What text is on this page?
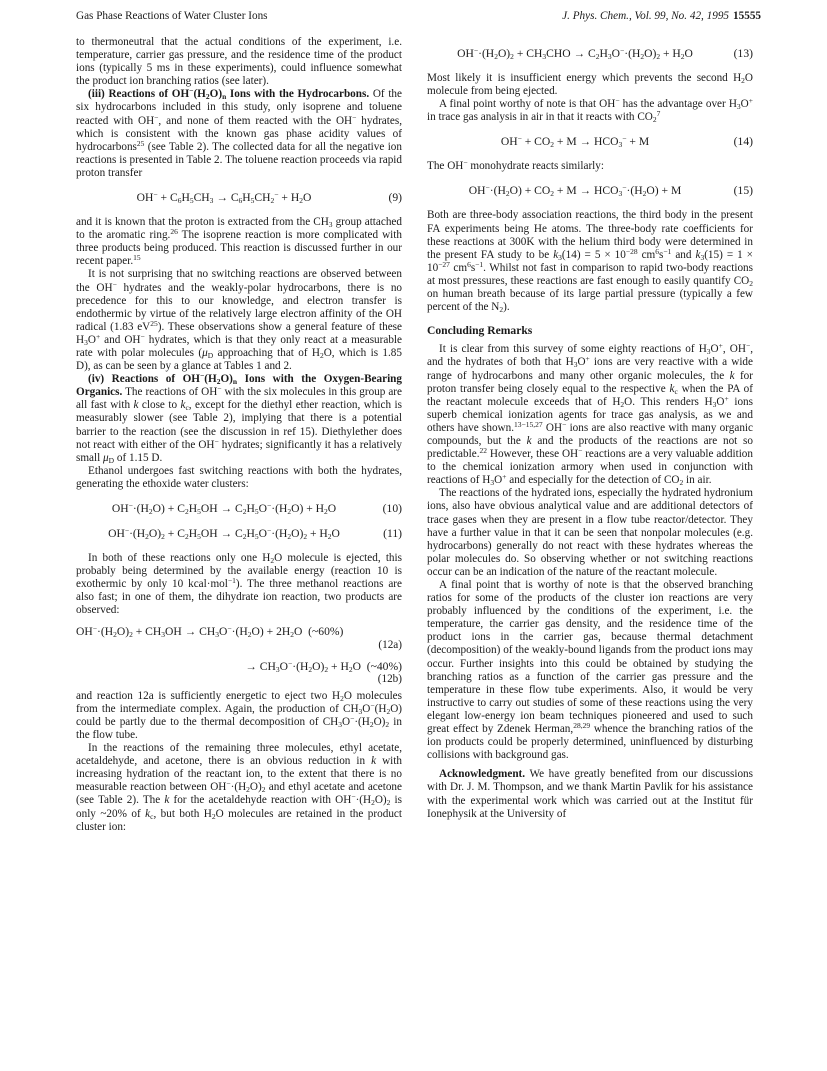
Gas Phase Reactions of Water Cluster Ions	J. Phys. Chem., Vol. 99, No. 42, 1995 15555

to thermoneutral that the actual conditions of the experiment, i.e. temperature, carrier gas pressure, and the residence time of the product ions (typically 5 ms in these experiments), could influence somewhat the product ion branching ratios (see later).

(iii) Reactions of $OH^-(H_2O)_n$ Ions with the Hydrocarbons. Of the six hydrocarbons included in this study, only isoprene and toluene reacted with OH−, and none of them reacted with the OH− hydrates, which is consistent with the known gas phase acidity values of hydrocarbons$^{25}$ (see Table 2). The collected data for all the negative ion reactions is presented in Table 2. The toluene reaction proceeds via rapid proton transfer

$OH^- + C_6H_5CH_3 \to C_6H_5CH_2^- + H_2O$	(9)

and it is known that the proton is extracted from the $CH_3$ group attached to the aromatic ring.$^{26}$ The isoprene reaction is more complicated with three products being produced. This reaction is discussed further in our recent paper.$^{15}$

It is not surprising that no switching reactions are observed between the OH− hydrates and the weakly-polar hydrocarbons, there is no precedence for this to our knowledge, and electron transfer is endothermic by virtue of the relatively large electron affinity of the OH radical (1.83 $eV^{25}$). These observations show a general feature of these $H_3O^+$ and OH− hydrates, which is that they only react at a measurable rate with polar molecules ($\mu_D$ approaching that of $H_2O$, which is 1.85 D), as can be seen by a glance at Tables 1 and 2.

(iv) Reactions of $OH^-(H_2O)_n$ Ions with the Oxygen-Bearing Organics. The reactions of OH− with the six molecules in this group are all fast with k close to $k_c$, except for the diethyl ether reaction, which is measurably slower (see Table 2), implying that there is a potential barrier to the reaction (see the discussion in ref 15). Diethylether does not react with either of the OH− hydrates; significantly it has a relatively small $\mu_D$ of 1.15 D.

Ethanol undergoes fast switching reactions with both the hydrates, generating the ethoxide water clusters:

$OH^-\cdot(H_2O) + C_2H_5OH \to C_2H_5O^-\cdot(H_2O) + H_2O$	(10)
$OH^-\cdot(H_2O)_2 + C_2H_5OH \to C_2H_5O^-\cdot(H_2O)_2 + H_2O$	(11)

In both of these reactions only one $H_2O$ molecule is ejected, this probably being determined by the available energy (reaction 10 is exothermic by only 10 kcal·mol$^{-1}$). The three methanol reactions are also fast; in one of them, the dihydrate ion reaction, two products are observed:

$OH^-\cdot(H_2O)_2 + CH_3OH \to CH_3O^-\cdot(H_2O) + 2H_2O$  (~60%)
(12a)
→ $CH_3O^-\cdot(H_2O)_2 + H_2O$  (~40%)
(12b)

and reaction 12a is sufficiently energetic to eject two $H_2O$ molecules from the intermediate complex. Again, the production of $CH_3O^-(H_2O)$ could be partly due to the thermal decomposition of $CH_3O^-\cdot(H_2O)_2$ in the flow tube.

In the reactions of the remaining three molecules, ethyl acetate, acetaldehyde, and acetone, there is an obvious reduction in k with increasing hydration of the reactant ion, to the extent that there is no measurable reaction between $OH^-\cdot(H_2O)_2$ and ethyl acetate and acetone (see Table 2). The k for the acetaldehyde reaction with $OH^-\cdot(H_2O)_2$ is only ~20% of $k_c$, but both $H_2O$ molecules are retained in the product cluster ion:

$OH^-\cdot(H_2O)_2 + CH_3CHO \to C_2H_3O^-\cdot(H_2O)_2 + H_2O$	(13)

Most likely it is insufficient energy which prevents the second $H_2O$ molecule from being ejected.

A final point worthy of note is that OH− has the advantage over $H_3O^+$ in trace gas analysis in air in that it reacts with $CO_2^7$

$OH^- + CO_2 + M \to HCO_3^- + M$	(14)

The OH− monohydrate reacts similarly:

$OH^-\cdot(H_2O) + CO_2 + M \to HCO_3^-\cdot(H_2O) + M$	(15)

Both are three-body association reactions, the third body in the present FA experiments being He atoms. The three-body rate coefficients for these reactions at 300K with the helium third body were determined in the present FA study to be $k_3(14) = 5 \times 10^{-28}$ $cm^6s^{-1}$ and $k_3(15) = 1 \times 10^{-27}$ $cm^6s^{-1}$. Whilst not fast in comparison to rapid two-body reactions at most pressures, these reactions are fast enough to easily quantify $CO_2$ on human breath because of its large partial pressure (typically a few percent of the $N_2$).

Concluding Remarks

It is clear from this survey of some eighty reactions of $H_3O^+$, OH−, and the hydrates of both that $H_3O^+$ ions are very reactive with a wide range of hydrocarbons and many other organic molecules, the k for proton transfer being closely equal to the respective $k_c$ when the PA of the reactant molecule exceeds that of $H_2O$. This renders $H_3O^+$ ions superb chemical ionization agents for trace gas analysis, as we and others have shown.$^{13-15,27}$ OH− ions are also reactive with many organic compounds, but the k and the products of the reactions are not so predictable.$^{22}$ However, these OH− reactions are a very valuable addition to the chemical ionization armory when used in conjunction with reactions of $H_3O^+$ and especially for the detection of $CO_2$ in air.

The reactions of the hydrated ions, especially the hydrated hydronium ions, also have obvious analytical value and are additional detectors of trace gases when they are present in a flow tube reactor/detector. They have a further value in that it can be seen that nonpolar molecules (e.g. hydrocarbons) generally do not react with these hydrates whereas the polar molecules do. So observing whether or not switching reactions occur can be an indication of the nature of the reactant molecule.

A final point that is worthy of note is that the observed branching ratios for some of the products of the cluster ion reactions are very probably influenced by the conditions of the experiment, i.e. the temperature, the carrier gas density, and the residence time of the product ions in the carrier gas, because thermal detachment (decomposition) of the weakly-bound ligands from the product ions may occur. Further insights into this could be obtained by studying the branching ratios as a function of the carrier gas pressure and the temperature in these flow tube experiments. Also, it would be very instructive to carry out studies of some of these reactions using the very elegant low-energy ion beam techniques pioneered and used to such great effect by Zdenek Herman,$^{28,29}$ whence the branching ratios of the ion products could be properly determined, uninfluenced by disturbing collisions with background gas.

Acknowledgment. We have greatly benefited from our discussions with Dr. J. M. Thompson, and we thank Martin Pavlik for his assistance with the experimental work which was carried out at the Institut für Ionephysik at the University of
